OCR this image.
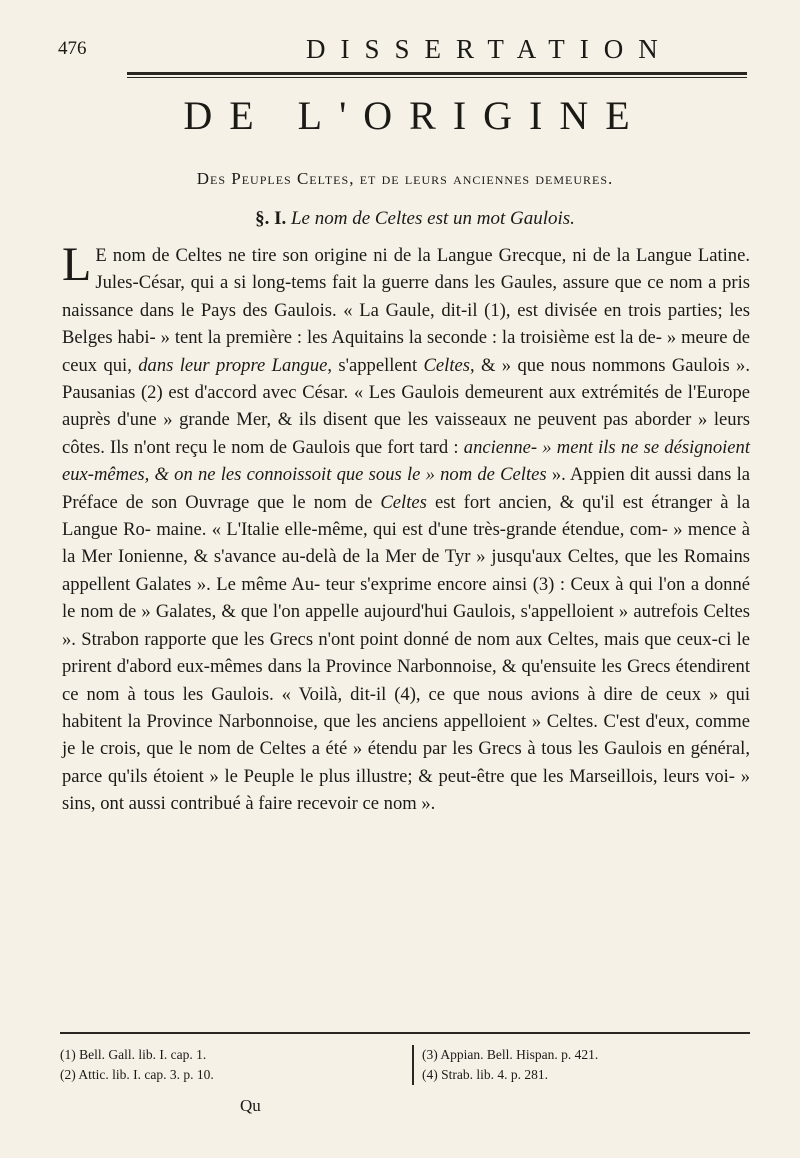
476	DISSERTATION
DE L'ORIGINE
Des Peuples Celtes, et de leurs anciennes demeures.
§. I. Le nom de Celtes est un mot Gaulois.

L E nom de Celtes ne tire son origine ni de la Langue Grecque, ni de la Langue Latine. Jules-César, qui a si long-tems fait la guerre dans les Gaules, assure que ce nom a pris naissance dans le Pays des Gaulois. « La Gaule, dit-il (1), est divisée en trois parties; les Belges habi- » tent la première : les Aquitains la seconde : la troisième est la de- » meure de ceux qui, dans leur propre Langue, s'appellent Celtes, & » que nous nommons Gaulois ». Pausanias (2) est d'accord avec César. « Les Gaulois demeurent aux extrémités de l'Europe auprès d'une » grande Mer, & ils disent que les vaisseaux ne peuvent pas aborder » leurs côtes. Ils n'ont reçu le nom de Gaulois que fort tard : ancienne- » ment ils ne se désignoient eux-mêmes, & on ne les connoissoit que sous le » nom de Celtes ». Appien dit aussi dans la Préface de son Ouvrage que le nom de Celtes est fort ancien, & qu'il est étranger à la Langue Ro- maine. « L'Italie elle-même, qui est d'une très-grande étendue, com- » mence à la Mer Ionienne, & s'avance au-delà de la Mer de Tyr » jusqu'aux Celtes, que les Romains appellent Galates ». Le même Au- teur s'exprime encore ainsi (3) : Ceux à qui l'on a donné le nom de » Galates, & que l'on appelle aujourd'hui Gaulois, s'appelloient » autrefois Celtes ». Strabon rapporte que les Grecs n'ont point donné de nom aux Celtes, mais que ceux-ci le prirent d'abord eux-mêmes dans la Province Narbonnoise, & qu'ensuite les Grecs étendirent ce nom à tous les Gaulois. « Voilà, dit-il (4), ce que nous avions à dire de ceux » qui habitent la Province Narbonnoise, que les anciens appelloient » Celtes. C'est d'eux, comme je le crois, que le nom de Celtes a été » étendu par les Grecs à tous les Gaulois en général, parce qu'ils étoient » le Peuple le plus illustre; & peut-être que les Marseillois, leurs voi- » sins, ont aussi contribué à faire recevoir ce nom ».

(1) Bell. Gall. lib. I. cap. 1.
(2) Attic. lib. I. cap. 3. p. 10.
(3) Appian. Bell. Hispan. p. 421.
(4) Strab. lib. 4. p. 281.
Qu
